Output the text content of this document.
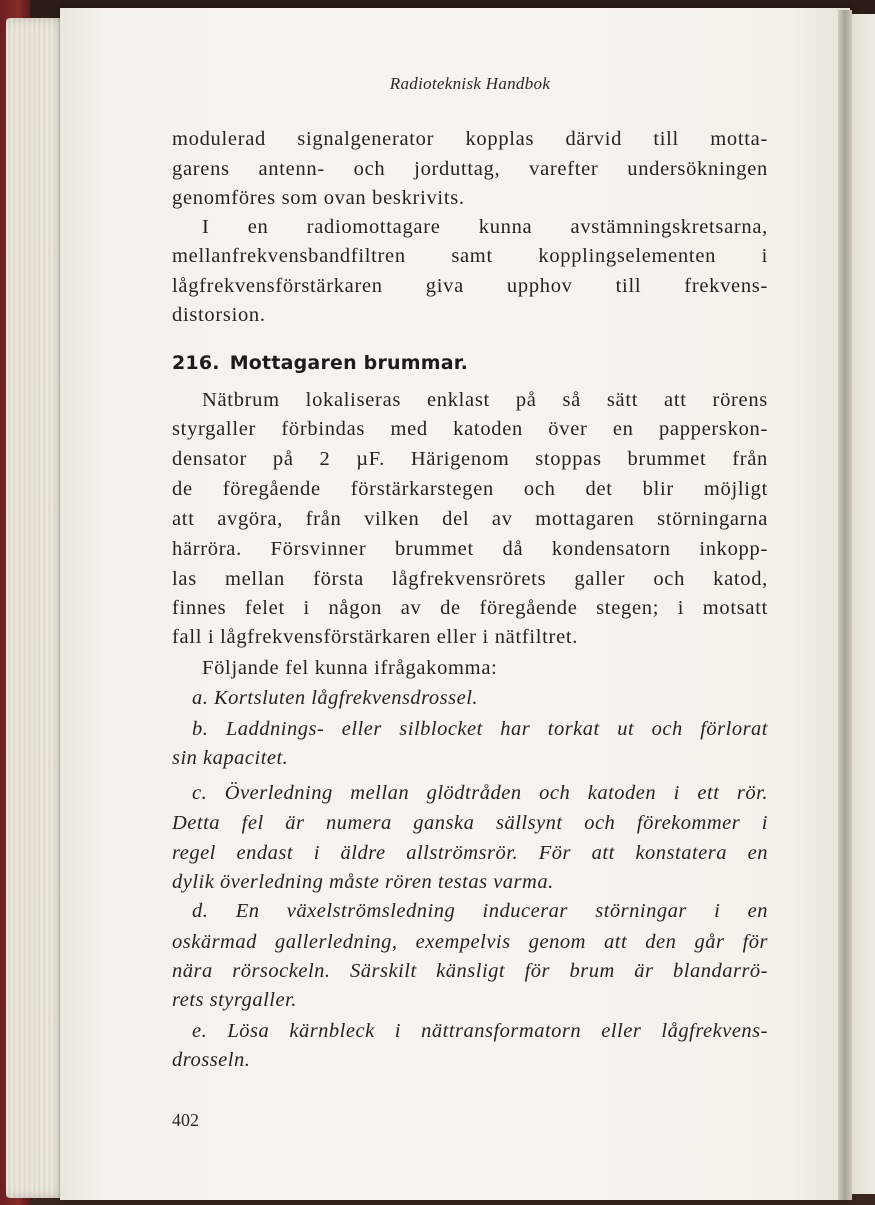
Radioteknisk Handbok
modulerad signalgenerator kopplas därvid till motta-
garens antenn- och jorduttag, varefter undersökningen
genomföres som ovan beskrivits.
I en radiomottagare kunna avstämningskretsarna,
mellanfrekvensbandfiltren samt kopplingselementen i
lågfrekvensförstärkaren giva upphov till frekvens-
distorsion.
216. Mottagaren brummar.
Nätbrum lokaliseras enklast på så sätt att rörens
styrgaller förbindas med katoden över en papperskon-
densator på 2 µF. Härigenom stoppas brummet från
de föregående förstärkarstegen och det blir möjligt
att avgöra, från vilken del av mottagaren störningarna
härröra. Försvinner brummet då kondensatorn inkopp-
las mellan första lågfrekvensrörets galler och katod,
finnes felet i någon av de föregående stegen; i motsatt
fall i lågfrekvensförstärkaren eller i nätfiltret.
Följande fel kunna ifrågakomma:
a. Kortsluten lågfrekvensdrossel.
b. Laddnings- eller silblocket har torkat ut och förlorat
sin kapacitet.
c. Överledning mellan glödtråden och katoden i ett rör.
Detta fel är numera ganska sällsynt och förekommer i
regel endast i äldre allströmsrör. För att konstatera en
dylik överledning måste rören testas varma.
d. En växelströmsledning inducerar störningar i en
oskärmad gallerledning, exempelvis genom att den går för
nära rörsockeln. Särskilt känsligt för brum är blandarrö-
rets styrgaller.
e. Lösa kärnbleck i nättransformatorn eller lågfrekvens-
drosseln.
402
